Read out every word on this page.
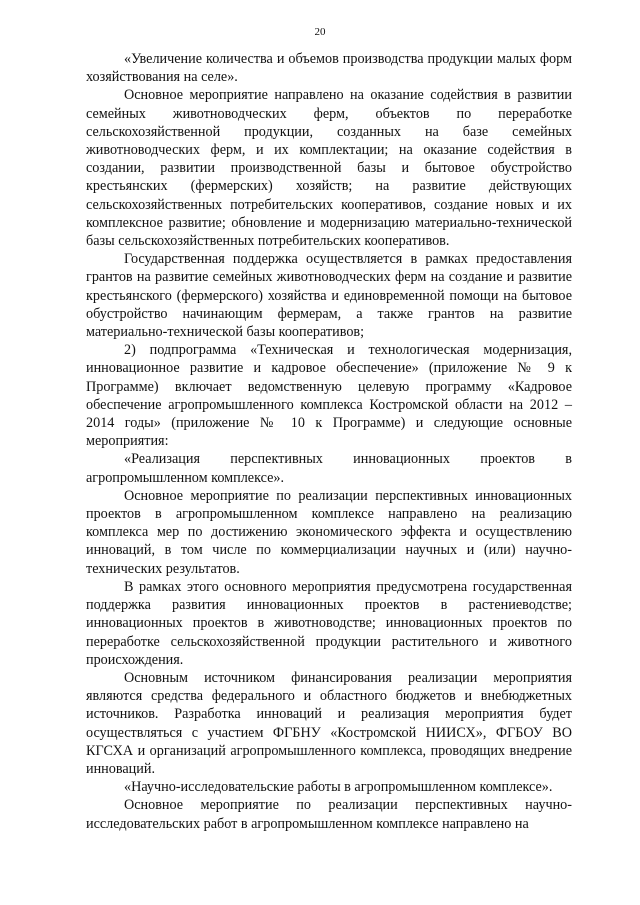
20

«Увеличение количества и объемов производства продукции малых форм хозяйствования на селе».

Основное мероприятие направлено на оказание содействия в развитии семейных животноводческих ферм, объектов по переработке сельскохозяйственной продукции, созданных на базе семейных животноводческих ферм, и их комплектации; на оказание содействия в создании, развитии производственной базы и бытовое обустройство крестьянских (фермерских) хозяйств; на развитие действующих сельскохозяйственных потребительских кооперативов, создание новых и их комплексное развитие; обновление и модернизацию материально-технической базы сельскохозяйственных потребительских кооперативов.

Государственная поддержка осуществляется в рамках предоставления грантов на развитие семейных животноводческих ферм на создание и развитие крестьянского (фермерского) хозяйства и единовременной помощи на бытовое обустройство начинающим фермерам, а также грантов на развитие материально-технической базы кооперативов;

2) подпрограмма «Техническая и технологическая модернизация, инновационное развитие и кадровое обеспечение» (приложение № 9 к Программе) включает ведомственную целевую программу «Кадровое обеспечение агропромышленного комплекса Костромской области на 2012 – 2014 годы» (приложение № 10 к Программе) и следующие основные мероприятия:

«Реализация перспективных инновационных проектов в агропромышленном комплексе».

Основное мероприятие по реализации перспективных инновационных проектов в агропромышленном комплексе направлено на реализацию комплекса мер по достижению экономического эффекта и осуществлению инноваций, в том числе по коммерциализации научных и (или) научно-технических результатов.

В рамках этого основного мероприятия предусмотрена государственная поддержка развития инновационных проектов в растениеводстве; инновационных проектов в животноводстве; инновационных проектов по переработке сельскохозяйственной продукции растительного и животного происхождения.

Основным источником финансирования реализации мероприятия являются средства федерального и областного бюджетов и внебюджетных источников. Разработка инноваций и реализация мероприятия будет осуществляться с участием ФГБНУ «Костромской НИИСХ», ФГБОУ ВО КГСХА и организаций агропромышленного комплекса, проводящих внедрение инноваций.

«Научно-исследовательские работы в агропромышленном комплексе».

Основное мероприятие по реализации перспективных научно-исследовательских работ в агропромышленном комплексе направлено на
